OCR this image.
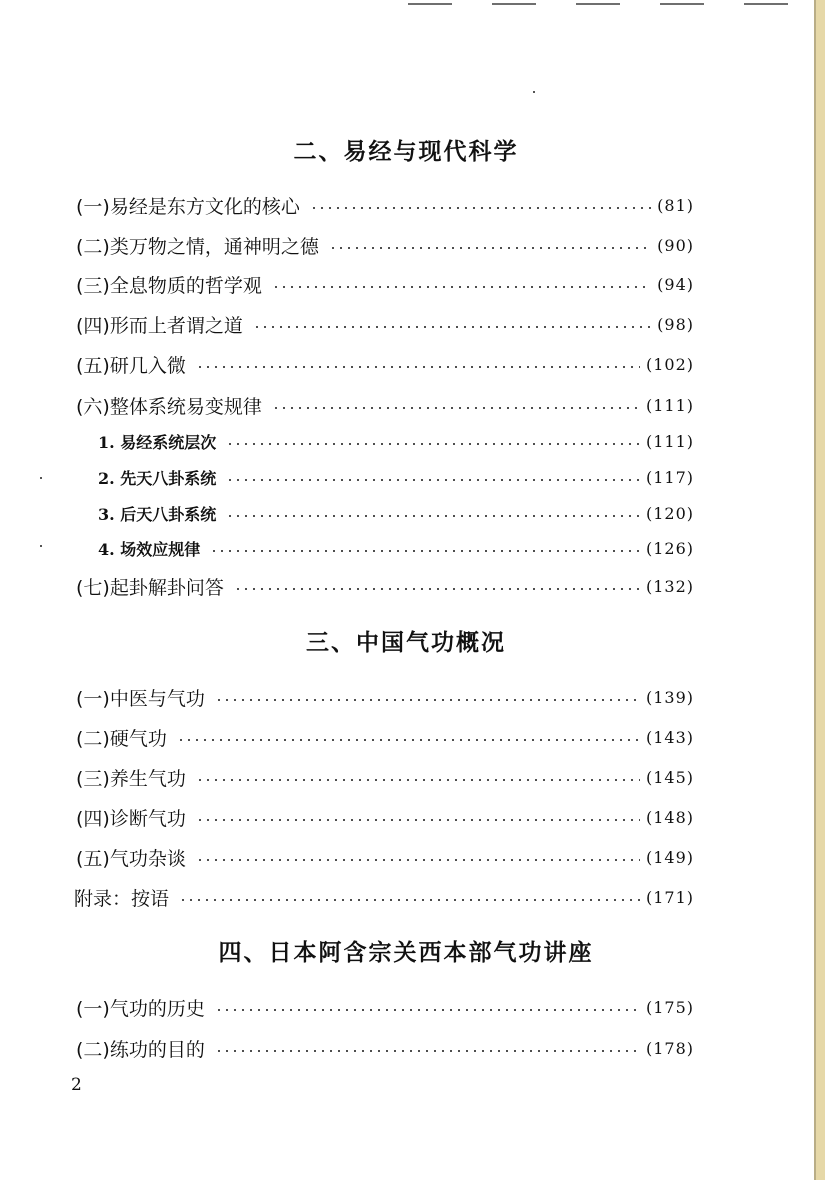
二、易经与现代科学
(一)易经是东方文化的核心	(81)
(二)类万物之情，通神明之德	(90)
(三)全息物质的哲学观	(94)
(四)形而上者谓之道	(98)
(五)研几入微	(102)
(六)整体系统易变规律	(111)
1. 易经系统层次	(111)
2. 先天八卦系统	(117)
3. 后天八卦系统	(120)
4. 场效应规律	(126)
(七)起卦解卦问答	(132)
三、中国气功概况
(一)中医与气功	(139)
(二)硬气功	(143)
(三)养生气功	(145)
(四)诊断气功	(148)
(五)气功杂谈	(149)
附录：按语	(171)
四、日本阿含宗关西本部气功讲座
(一)气功的历史	(175)
(二)练功的目的	(178)
2
